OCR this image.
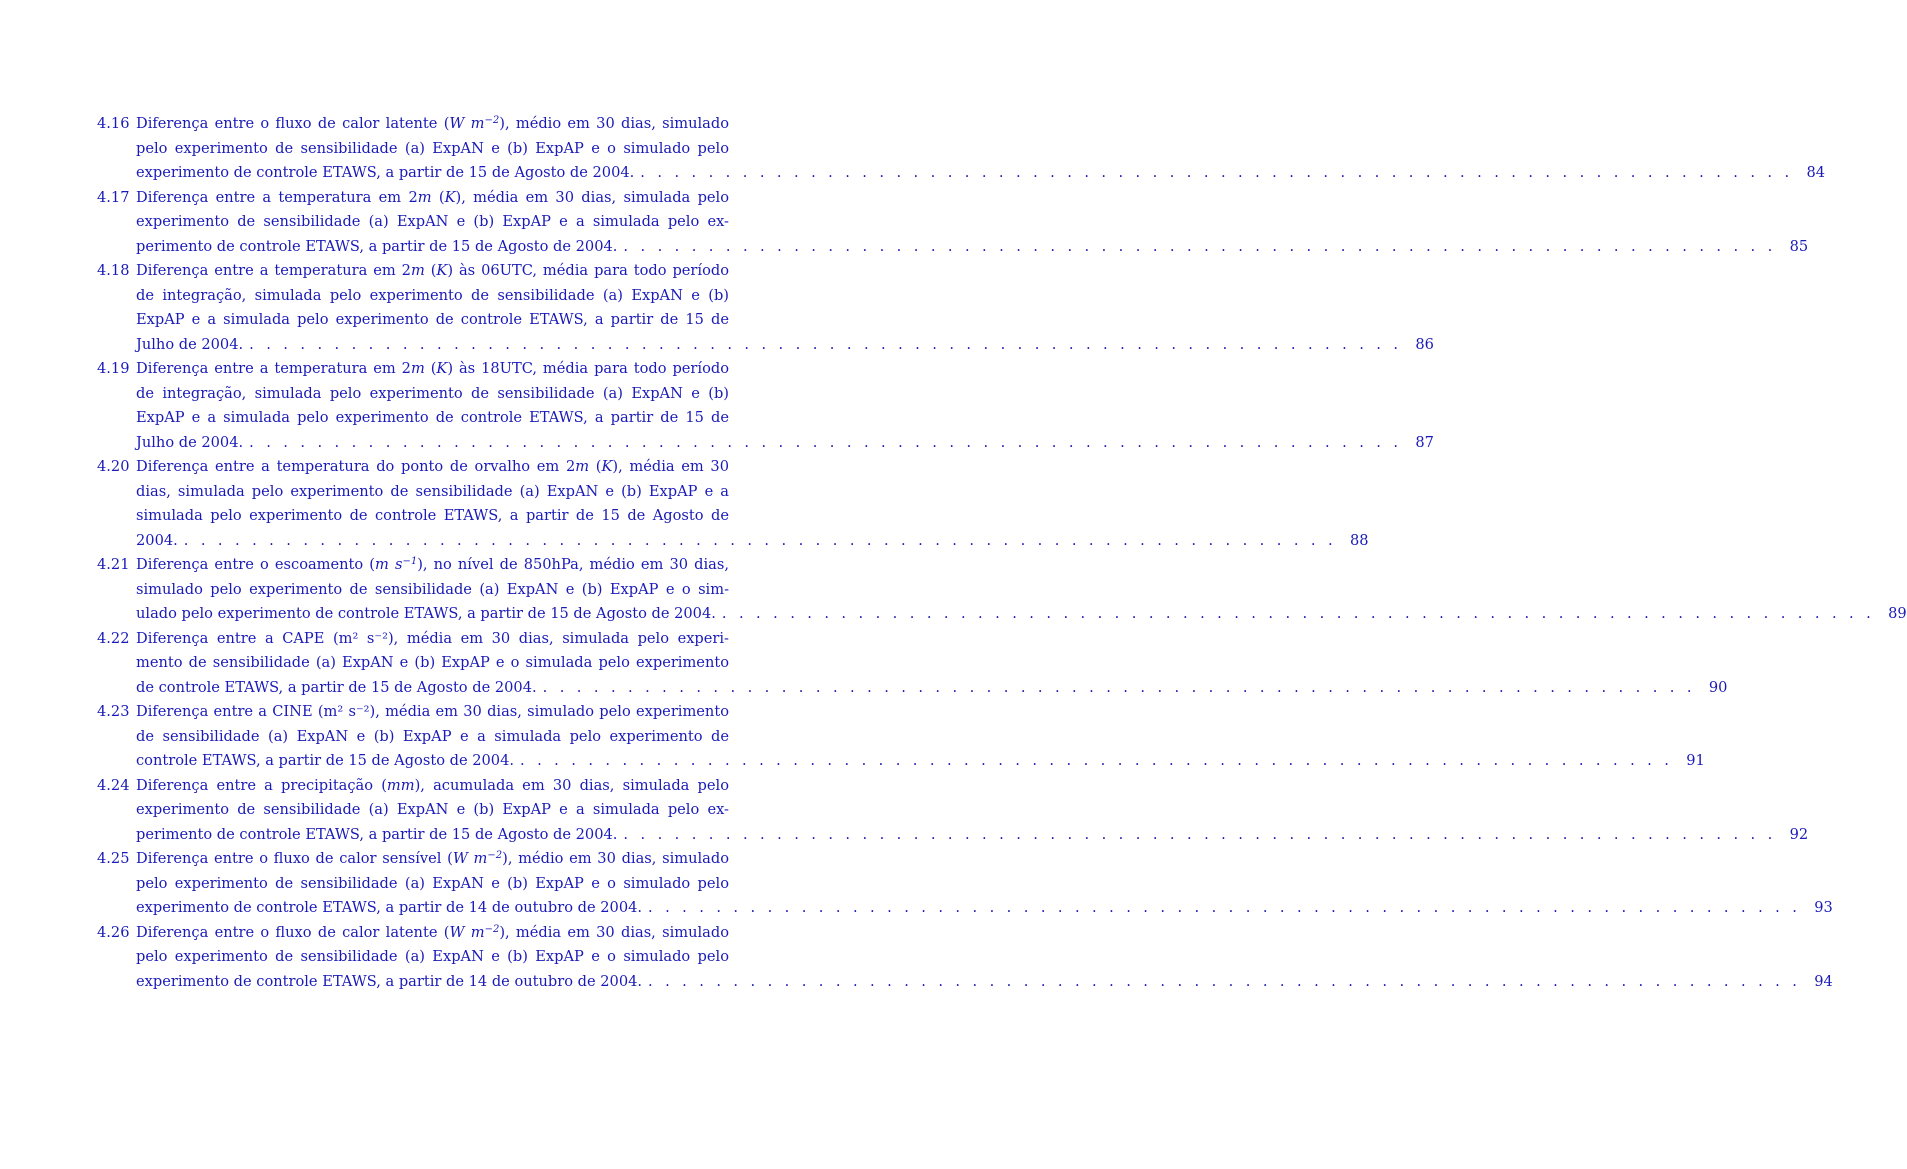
4.16 Diferença entre o fluxo de calor latente (W $m^{-2}$), médio em 30 dias, simulado
pelo experimento de sensibilidade (a) ExpAN e (b) ExpAP e o simulado pelo
experimento de controle ETAWS, a partir de 15 de Agosto de 2004. . . .	84
4.17 Diferença entre a temperatura em 2m (K), média em 30 dias, simulada pelo
experimento de sensibilidade (a) ExpAN e (b) ExpAP e a simulada pelo ex-
perimento de controle ETAWS, a partir de 15 de Agosto de 2004. . . .	85
4.18 Diferença entre a temperatura em 2m (K) às 06UTC, média para todo período
de integração, simulada pelo experimento de sensibilidade (a) ExpAN e (b)
ExpAP e a simulada pelo experimento de controle ETAWS, a partir de 15 de
Julho de 2004. . . .	86
4.19 Diferença entre a temperatura em 2m (K) às 18UTC, média para todo período
de integração, simulada pelo experimento de sensibilidade (a) ExpAN e (b)
ExpAP e a simulada pelo experimento de controle ETAWS, a partir de 15 de
Julho de 2004. . . .	87
4.20 Diferença entre a temperatura do ponto de orvalho em 2m (K), média em 30
dias, simulada pelo experimento de sensibilidade (a) ExpAN e (b) ExpAP e a
simulada pelo experimento de controle ETAWS, a partir de 15 de Agosto de
2004. . . .	88
4.21 Diferença entre o escoamento (m $s^{-1}$), no nível de 850hPa, médio em 30 dias,
simulado pelo experimento de sensibilidade (a) ExpAN e (b) ExpAP e o sim-
ulado pelo experimento de controle ETAWS, a partir de 15 de Agosto de 2004. . . .	89
4.22 Diferença entre a CAPE (m² s⁻²), média em 30 dias, simulada pelo experi-
mento de sensibilidade (a) ExpAN e (b) ExpAP e o simulada pelo experimento
de controle ETAWS, a partir de 15 de Agosto de 2004. . . .	90
4.23 Diferença entre a CINE (m² s⁻²), média em 30 dias, simulado pelo experimento
de sensibilidade (a) ExpAN e (b) ExpAP e a simulada pelo experimento de
controle ETAWS, a partir de 15 de Agosto de 2004. . . .	91
4.24 Diferença entre a precipitação (mm), acumulada em 30 dias, simulada pelo
experimento de sensibilidade (a) ExpAN e (b) ExpAP e a simulada pelo ex-
perimento de controle ETAWS, a partir de 15 de Agosto de 2004. . . .	92
4.25 Diferença entre o fluxo de calor sensível (W $m^{-2}$), médio em 30 dias, simulado
pelo experimento de sensibilidade (a) ExpAN e (b) ExpAP e o simulado pelo
experimento de controle ETAWS, a partir de 14 de outubro de 2004. . . .	93
4.26 Diferença entre o fluxo de calor latente (W $m^{-2}$), média em 30 dias, simulado
pelo experimento de sensibilidade (a) ExpAN e (b) ExpAP e o simulado pelo
experimento de controle ETAWS, a partir de 14 de outubro de 2004. . . .	94
